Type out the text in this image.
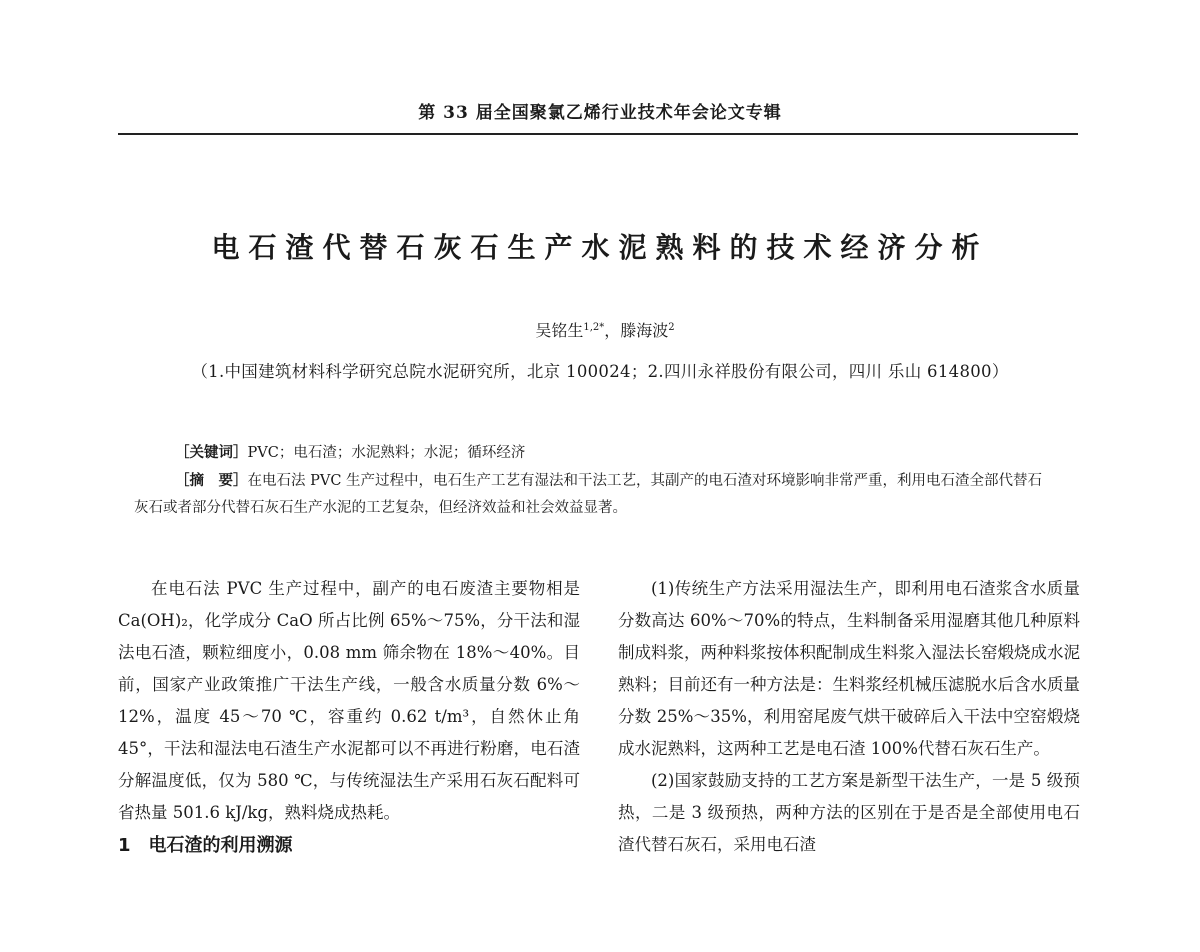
第 33 届全国聚氯乙烯行业技术年会论文专辑
电石渣代替石灰石生产水泥熟料的技术经济分析
吴铭生$^{1,2*}$，滕海波$^2$
（1.中国建筑材料科学研究总院水泥研究所，北京 100024；2.四川永祥股份有限公司，四川 乐山 614800）

［关键词］PVC；电石渣；水泥熟料；水泥；循环经济

［摘　要］在电石法 PVC 生产过程中，电石生产工艺有湿法和干法工艺，其副产的电石渣对环境影响非常严重，利用电石渣全部代替石灰石或者部分代替石灰石生产水泥的工艺复杂，但经济效益和社会效益显著。

在电石法 PVC 生产过程中，副产的电石废渣主要物相是 Ca(OH)₂，化学成分 CaO 所占比例 65%～75%，分干法和湿法电石渣，颗粒细度小，0.08 mm 筛余物在 18%～40%。目前，国家产业政策推广干法生产线，一般含水质量分数 6%～12%，温度 45～70 ℃，容重约 0.62 t/m³，自然休止角 45°，干法和湿法电石渣生产水泥都可以不再进行粉磨，电石渣分解温度低，仅为 580 ℃，与传统湿法生产采用石灰石配料可省热量 501.6 kJ/kg，熟料烧成热耗。

1　电石渣的利用溯源

(1)传统生产方法采用湿法生产，即利用电石渣浆含水质量分数高达 60%～70%的特点，生料制备采用湿磨其他几种原料制成料浆，两种料浆按体积配制成生料浆入湿法长窑煅烧成水泥熟料；目前还有一种方法是：生料浆经机械压滤脱水后含水质量分数 25%～35%，利用窑尾废气烘干破碎后入干法中空窑煅烧成水泥熟料，这两种工艺是电石渣 100%代替石灰石生产。

(2)国家鼓励支持的工艺方案是新型干法生产，一是 5 级预热，二是 3 级预热，两种方法的区别在于是否是全部使用电石渣代替石灰石，采用电石渣
